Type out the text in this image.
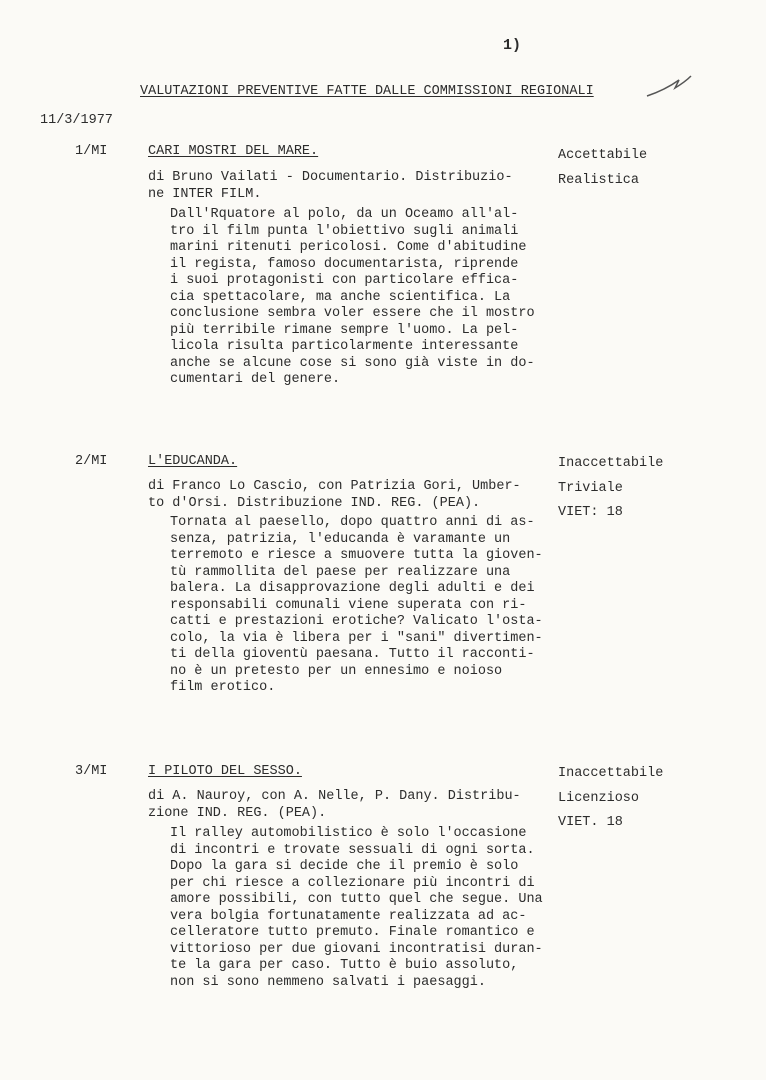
1)
VALUTAZIONI PREVENTIVE FATTE DALLE COMMISSIONI REGIONALI
11/3/1977
1/MI	CARI MOSTRI DEL MARE.
di Bruno Vailati - Documentario. Distribuzio-
ne INTER FILM.
Dall'Rquatore al polo, da un Oceamo all'al-
tro il film punta l'obiettivo sugli animali
marini ritenuti pericolosi. Come d'abitudine
il regista, famoso documentarista, riprende
i suoi protagonisti con particolare effica-
cia spettacolare, ma anche scientifica. La
conclusione sembra voler essere che il mostro
più terribile rimane sempre l'uomo. La pel-
licola risulta particolarmente interessante
anche se alcune cose si sono già viste in do-
cumentari del genere.
Accettabile
Realistica
2/MI	L'EDUCANDA.
di Franco Lo Cascio, con Patrizia Gori, Umber-
to d'Orsi. Distribuzione IND. REG. (PEA).
Tornata al paesello, dopo quattro anni di as-
senza, patrizia, l'educanda è varamante un
terremoto e riesce a smuovere tutta la gioven-
tù rammollita del paese per realizzare una
balera. La disapprovazione degli adulti e dei
responsabili comunali viene superata con ri-
catti e prestazioni erotiche? Valicato l'osta-
colo, la via è libera per i "sani" divertimen-
ti della gioventù paesana. Tutto il racconti-
no è un pretesto per un ennesimo e noioso
film erotico.
Inaccettabile
Triviale
VIET: 18
3/MI	I PILOTO DEL SESSO.
di A. Nauroy, con A. Nelle, P. Dany. Distribu-
zione IND. REG. (PEA).
Il ralley automobilistico è solo l'occasione
di incontri e trovate sessuali di ogni sorta.
Dopo la gara si decide che il premio è solo
per chi riesce a collezionare più incontri di
amore possibili, con tutto quel che segue. Una
vera bolgia fortunatamente realizzata ad ac-
celleratore tutto premuto. Finale romantico e
vittorioso per due giovani incontratisi duran-
te la gara per caso. Tutto è buio assoluto,
non si sono nemmeno salvati i paesaggi.
Inaccettabile
Licenzioso
VIET. 18
